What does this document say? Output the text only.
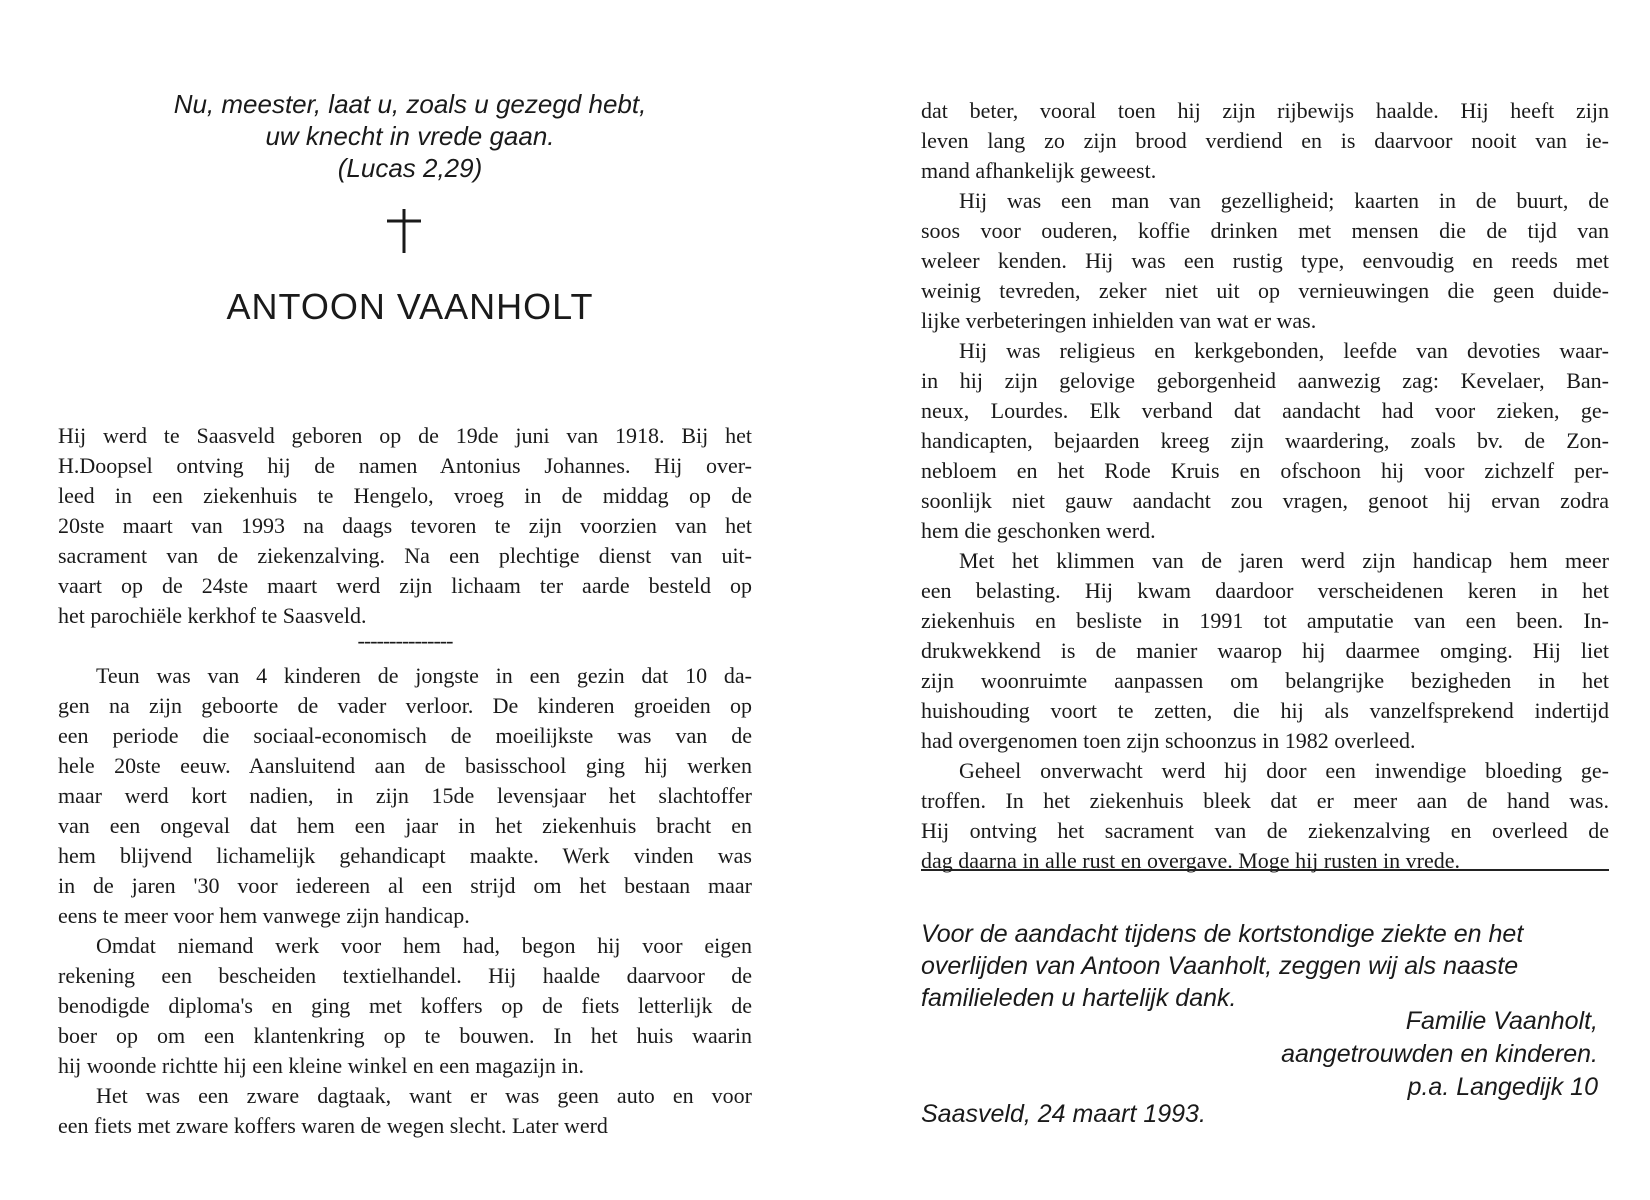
Nu, meester, laat u, zoals u gezegd hebt,
uw knecht in vrede gaan.
(Lucas 2,29)
ANTOON VAANHOLT
Hij werd te Saasveld geboren op de 19de juni van 1918. Bij het
H.Doopsel ontving hij de namen Antonius Johannes. Hij over-
leed in een ziekenhuis te Hengelo, vroeg in de middag op de
20ste maart van 1993 na daags tevoren te zijn voorzien van het
sacrament van de ziekenzalving. Na een plechtige dienst van uit-
vaart op de 24ste maart werd zijn lichaam ter aarde besteld op
het parochiële kerkhof te Saasveld.
---------------
Teun was van 4 kinderen de jongste in een gezin dat 10 da-
gen na zijn geboorte de vader verloor. De kinderen groeiden op
een periode die sociaal-economisch de moeilijkste was van de
hele 20ste eeuw. Aansluitend aan de basisschool ging hij werken
maar werd kort nadien, in zijn 15de levensjaar het slachtoffer
van een ongeval dat hem een jaar in het ziekenhuis bracht en
hem blijvend lichamelijk gehandicapt maakte. Werk vinden was
in de jaren '30 voor iedereen al een strijd om het bestaan maar
eens te meer voor hem vanwege zijn handicap.
Omdat niemand werk voor hem had, begon hij voor eigen
rekening een bescheiden textielhandel. Hij haalde daarvoor de
benodigde diploma's en ging met koffers op de fiets letterlijk de
boer op om een klantenkring op te bouwen. In het huis waarin
hij woonde richtte hij een kleine winkel en een magazijn in.
Het was een zware dagtaak, want er was geen auto en voor
een fiets met zware koffers waren de wegen slecht. Later werd
dat beter, vooral toen hij zijn rijbewijs haalde. Hij heeft zijn
leven lang zo zijn brood verdiend en is daarvoor nooit van ie-
mand afhankelijk geweest.
Hij was een man van gezelligheid; kaarten in de buurt, de
soos voor ouderen, koffie drinken met mensen die de tijd van
weleer kenden. Hij was een rustig type, eenvoudig en reeds met
weinig tevreden, zeker niet uit op vernieuwingen die geen duide-
lijke verbeteringen inhielden van wat er was.
Hij was religieus en kerkgebonden, leefde van devoties waar-
in hij zijn gelovige geborgenheid aanwezig zag: Kevelaer, Ban-
neux, Lourdes. Elk verband dat aandacht had voor zieken, ge-
handicapten, bejaarden kreeg zijn waardering, zoals bv. de Zon-
nebloem en het Rode Kruis en ofschoon hij voor zichzelf per-
soonlijk niet gauw aandacht zou vragen, genoot hij ervan zodra
hem die geschonken werd.
Met het klimmen van de jaren werd zijn handicap hem meer
een belasting. Hij kwam daardoor verscheidenen keren in het
ziekenhuis en besliste in 1991 tot amputatie van een been. In-
drukwekkend is de manier waarop hij daarmee omging. Hij liet
zijn woonruimte aanpassen om belangrijke bezigheden in het
huishouding voort te zetten, die hij als vanzelfsprekend indertijd
had overgenomen toen zijn schoonzus in 1982 overleed.
Geheel onverwacht werd hij door een inwendige bloeding ge-
troffen. In het ziekenhuis bleek dat er meer aan de hand was.
Hij ontving het sacrament van de ziekenzalving en overleed de
dag daarna in alle rust en overgave. Moge hij rusten in vrede.
Voor de aandacht tijdens de kortstondige ziekte en het
overlijden van Antoon Vaanholt, zeggen wij als naaste
familieleden u hartelijk dank.
Familie Vaanholt,
aangetrouwden en kinderen.
p.a. Langedijk 10
Saasveld, 24 maart 1993.
